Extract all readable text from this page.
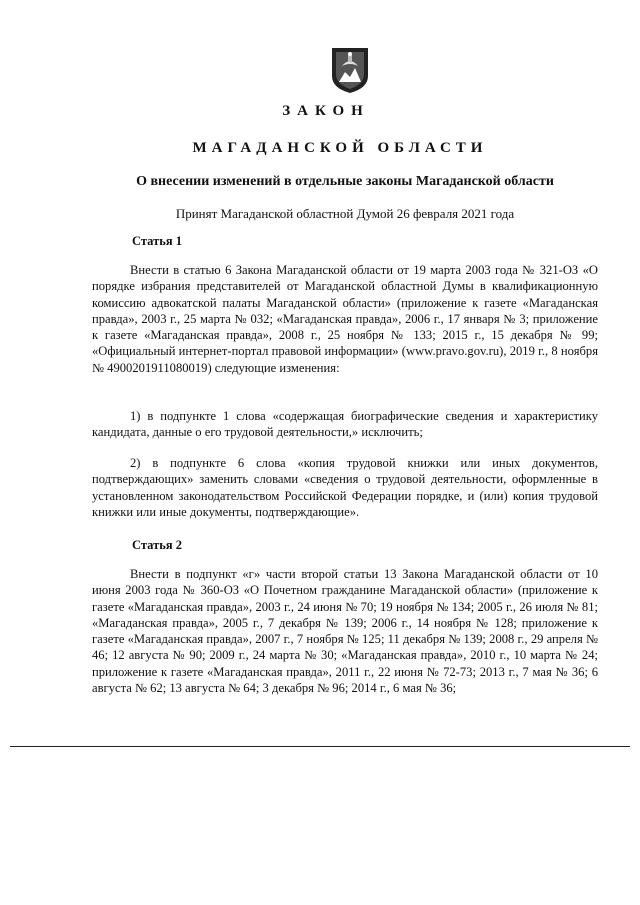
ЗАКОН
МАГАДАНСКОЙ ОБЛАСТИ
О внесении изменений в отдельные законы Магаданской области
Принят Магаданской областной Думой 26 февраля 2021 года
Статья 1
Внести в статью 6 Закона Магаданской области от 19 марта 2003 года № 321-ОЗ «О порядке избрания представителей от Магаданской областной Думы в квалификационную комиссию адвокатской палаты Магаданской области» (приложение к газете «Магаданская правда», 2003 г., 25 марта № 032; «Магаданская правда», 2006 г., 17 января № 3; приложение к газете «Магаданская правда», 2008 г., 25 ноября № 133; 2015 г., 15 декабря № 99; «Официальный интернет-портал правовой информации» (www.pravo.gov.ru), 2019 г., 8 ноября № 4900201911080019) следующие изменения:
1) в подпункте 1 слова «содержащая биографические сведения и характеристику кандидата, данные о его трудовой деятельности,» исключить;
2) в подпункте 6 слова «копия трудовой книжки или иных документов, подтверждающих» заменить словами «сведения о трудовой деятельности, оформленные в установленном законодательством Российской Федерации порядке, и (или) копия трудовой книжки или иные документы, подтверждающие».
Статья 2
Внести в подпункт «г» части второй статьи 13 Закона Магаданской области от 10 июня 2003 года № 360-ОЗ «О Почетном гражданине Магаданской области» (приложение к газете «Магаданская правда», 2003 г., 24 июня № 70; 19 ноября № 134; 2005 г., 26 июля № 81; «Магаданская правда», 2005 г., 7 декабря № 139; 2006 г., 14 ноября № 128; приложение к газете «Магаданская правда», 2007 г., 7 ноября № 125; 11 декабря № 139; 2008 г., 29 апреля № 46; 12 августа № 90; 2009 г., 24 марта № 30; «Магаданская правда», 2010 г., 10 марта № 24; приложение к газете «Магаданская правда», 2011 г., 22 июня № 72-73; 2013 г., 7 мая № 36; 6 августа № 62; 13 августа № 64; 3 декабря № 96; 2014 г., 6 мая № 36;
